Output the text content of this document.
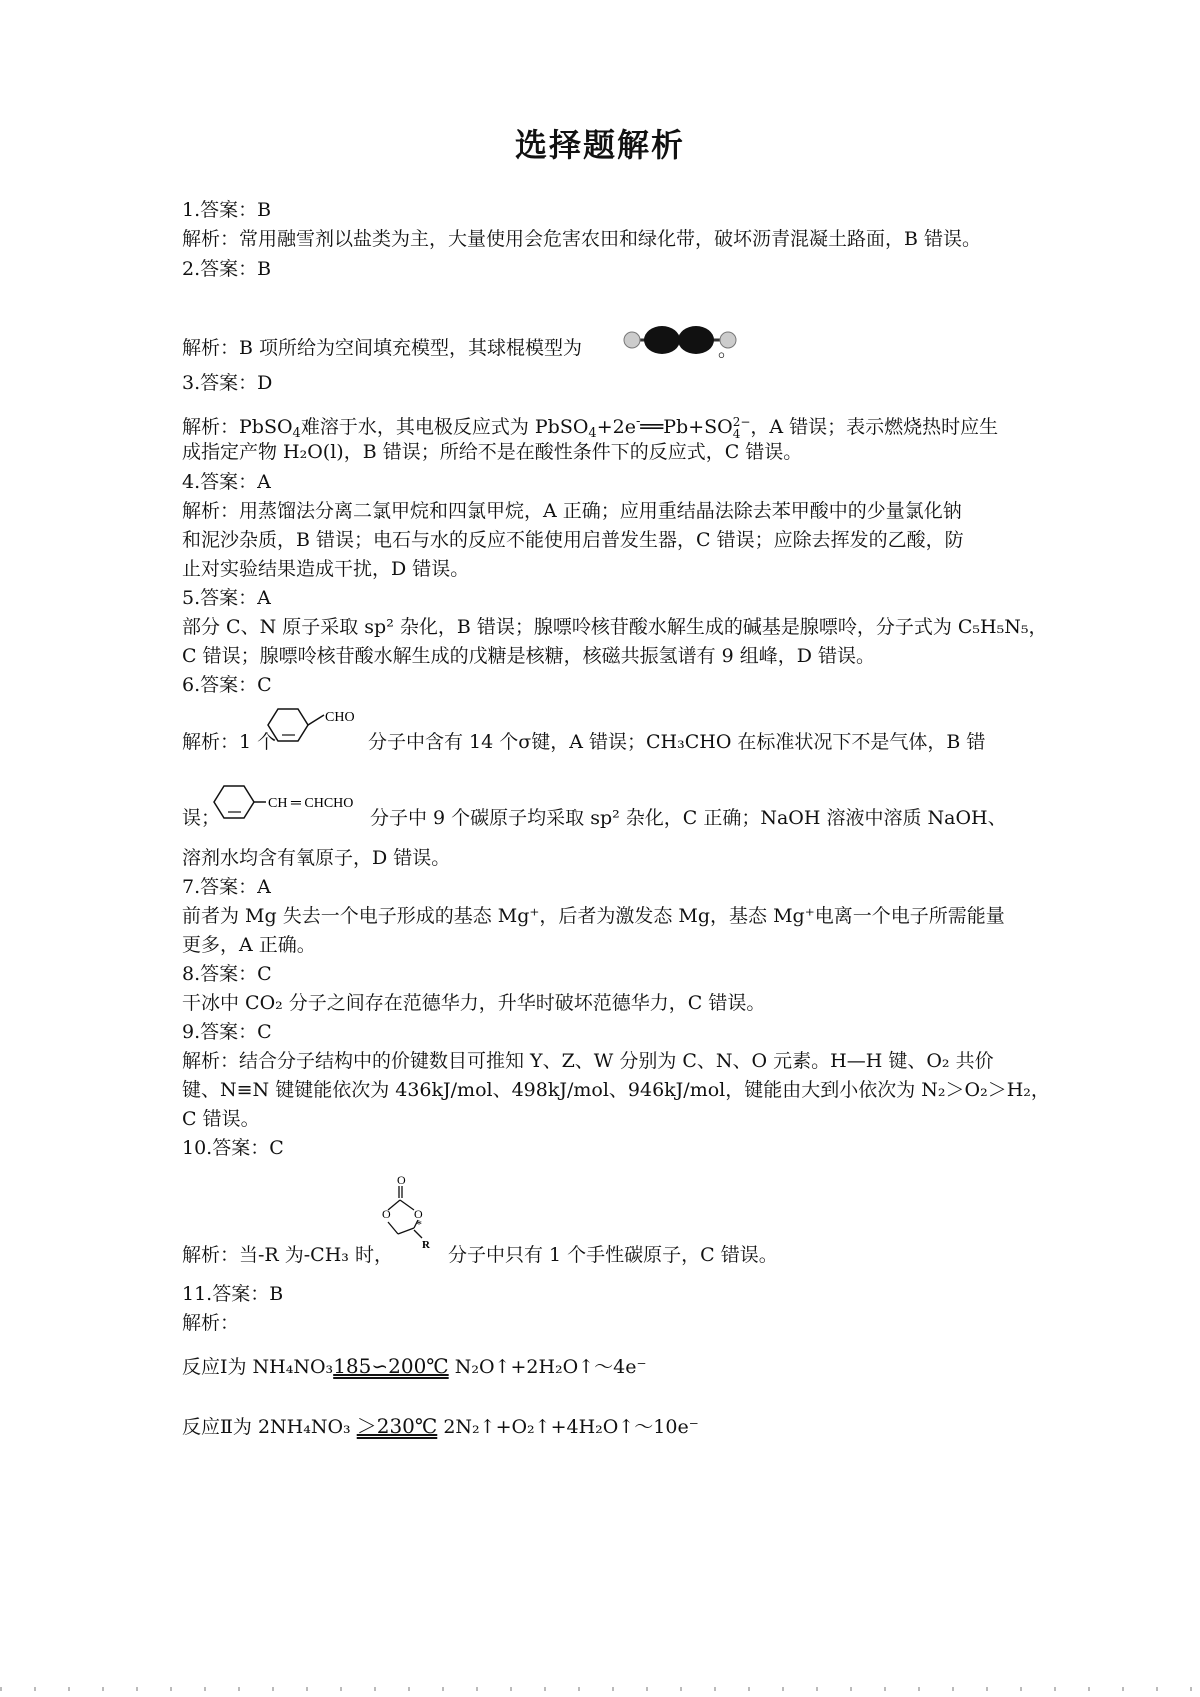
选择题解析
1.答案：B
解析：常用融雪剂以盐类为主，大量使用会危害农田和绿化带，破坏沥青混凝土路面，B 错误。
2.答案：B
解析：B 项所给为空间填充模型，其球棍模型为	。
3.答案：D
解析：PbSO$_4$难溶于水，其电极反应式为 PbSO$_4$+2e-══Pb+SO 2−
4 ，A 错误；表示燃烧热时应生
成指定产物 H₂O(l)，B 错误；所给不是在酸性条件下的反应式，C 错误。
4.答案：A
解析：用蒸馏法分离二氯甲烷和四氯甲烷，A 正确；应用重结晶法除去苯甲酸中的少量氯化钠
和泥沙杂质，B 错误；电石与水的反应不能使用启普发生器，C 错误；应除去挥发的乙酸，防
止对实验结果造成干扰，D 错误。
5.答案：A
部分 C、N 原子采取 sp² 杂化，B 错误；腺嘌呤核苷酸水解生成的碱基是腺嘌呤，分子式为 C₅H₅N₅，
C 错误；腺嘌呤核苷酸水解生成的戊糖是核糖，核磁共振氢谱有 9 组峰，D 错误。
6.答案：C
解析：1 个
CHO
分子中含有 14 个σ键，A 错误；CH₃CHO 在标准状况下不是气体，B 错
误；
CH ═ CHCHO
分子中 9 个碳原子均采取 sp² 杂化，C 正确；NaOH 溶液中溶质 NaOH、
溶剂水均含有氧原子，D 错误。
7.答案：A
前者为 Mg 失去一个电子形成的基态 Mg⁺，后者为激发态 Mg，基态 Mg⁺电离一个电子所需能量
更多，A 正确。
8.答案：C
干冰中 CO₂ 分子之间存在范德华力，升华时破坏范德华力，C 错误。
9.答案：C
解析：结合分子结构中的价键数目可推知 Y、Z、W 分别为 C、N、O 元素。H—H 键、O₂ 共价
键、N≡N 键键能依次为 436kJ/mol、498kJ/mol、946kJ/mol，键能由大到小依次为 N₂＞O₂＞H₂，
C 错误。
10.答案：C
解析：当-R 为-CH₃ 时，
O
O O
*
R 分子中只有 1 个手性碳原子，C 错误。
11.答案：B
解析：
反应Ⅰ为 NH₄NO₃185∽200℃ N₂O↑+2H₂O↑～4e⁻
反应Ⅱ为 2NH₄NO₃ ＞230℃ 2N₂↑+O₂↑+4H₂O↑～10e⁻
